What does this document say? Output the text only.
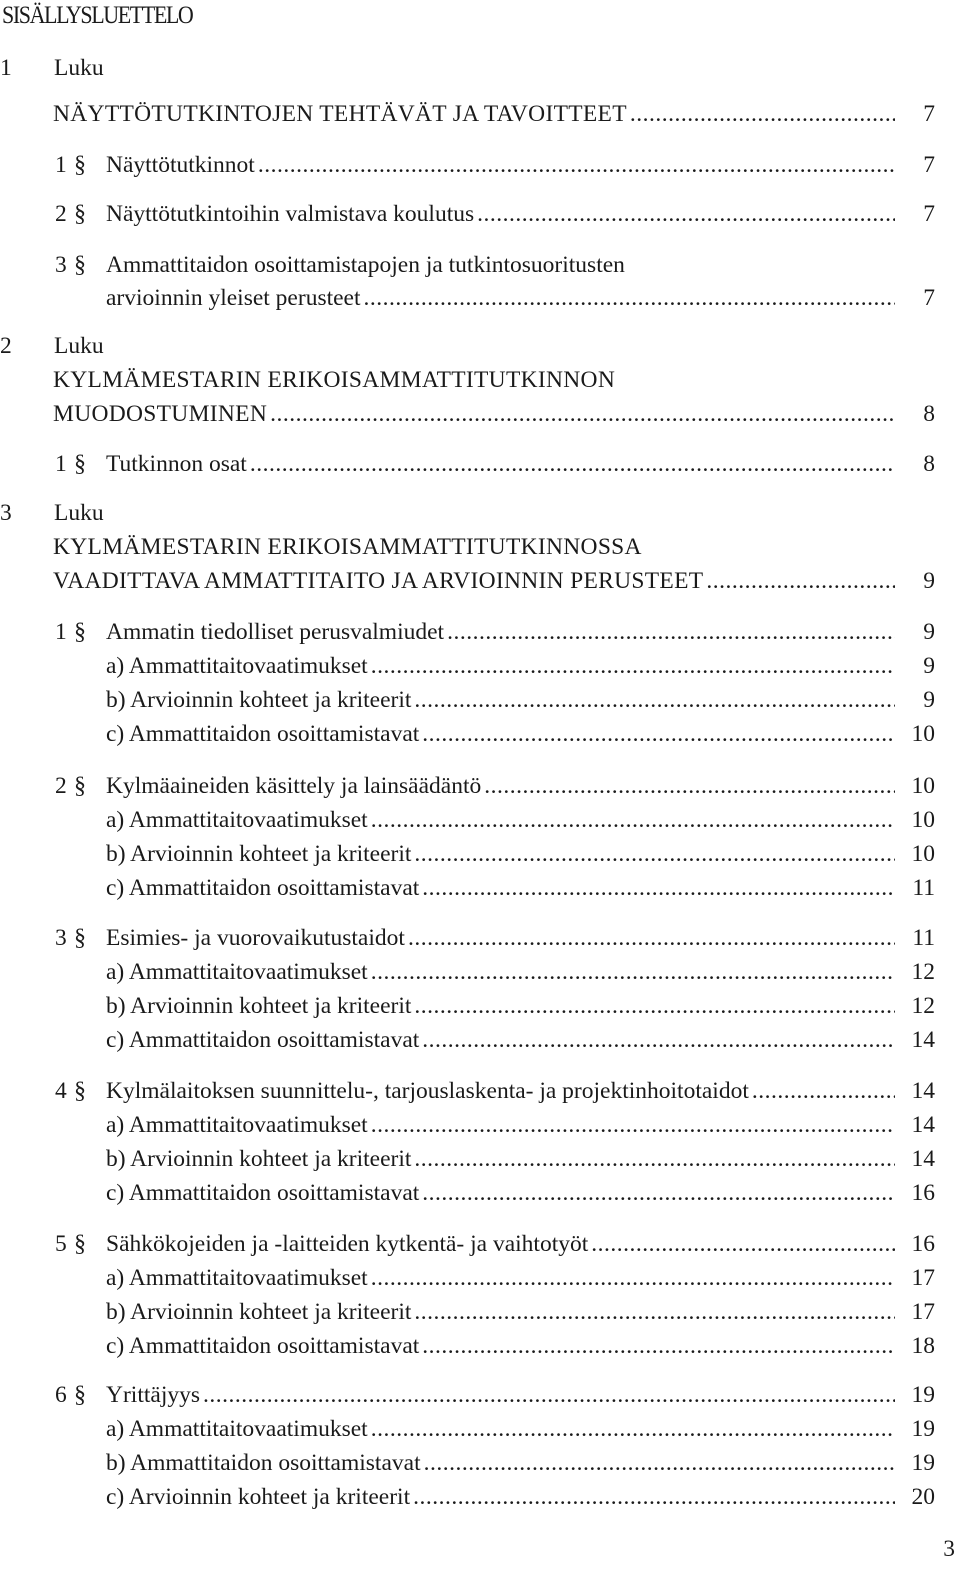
SISÄLLYSLUETTELO
1 Luku
NÄYTTÖTUTKINTOJEN TEHTÄVÄT JA TAVOITTEET .....	7
1 § Näyttötutkinnot .....	7
2 § Näyttötutkintoihin valmistava koulutus .....	7
3 § Ammattitaidon osoittamistapojen ja tutkintosuoritusten
arvioinnin yleiset perusteet .....	7
2 Luku
KYLMÄMESTARIN ERIKOISAMMATTITUTKINNON
MUODOSTUMINEN .....	8
1 § Tutkinnon osat .....	8
3 Luku
KYLMÄMESTARIN ERIKOISAMMATTITUTKINNOSSA
VAADITTAVA AMMATTITAITO JA ARVIOINNIN PERUSTEET .....	9
1 § Ammatin tiedolliset perusvalmiudet .....	9
a) Ammattitaitovaatimukset .....	9
b) Arvioinnin kohteet ja kriteerit .....	9
c) Ammattitaidon osoittamistavat .....	10
2 § Kylmäaineiden käsittely ja lainsäädäntö .....	10
a) Ammattitaitovaatimukset .....	10
b) Arvioinnin kohteet ja kriteerit .....	10
c) Ammattitaidon osoittamistavat .....	11
3 § Esimies- ja vuorovaikutustaidot .....	11
a) Ammattitaitovaatimukset .....	12
b) Arvioinnin kohteet ja kriteerit .....	12
c) Ammattitaidon osoittamistavat .....	14
4 § Kylmälaitoksen suunnittelu-, tarjouslaskenta- ja projektinhoitotaidot .....	14
a) Ammattitaitovaatimukset .....	14
b) Arvioinnin kohteet ja kriteerit .....	14
c) Ammattitaidon osoittamistavat .....	16
5 § Sähkökojeiden ja -laitteiden kytkentä- ja vaihtotyöt .....	16
a) Ammattitaitovaatimukset .....	17
b) Arvioinnin kohteet ja kriteerit .....	17
c) Ammattitaidon osoittamistavat .....	18
6 § Yrittäjyys .....	19
a) Ammattitaitovaatimukset .....	19
b) Ammattitaidon osoittamistavat .....	19
c) Arvioinnin kohteet ja kriteerit .....	20
3
